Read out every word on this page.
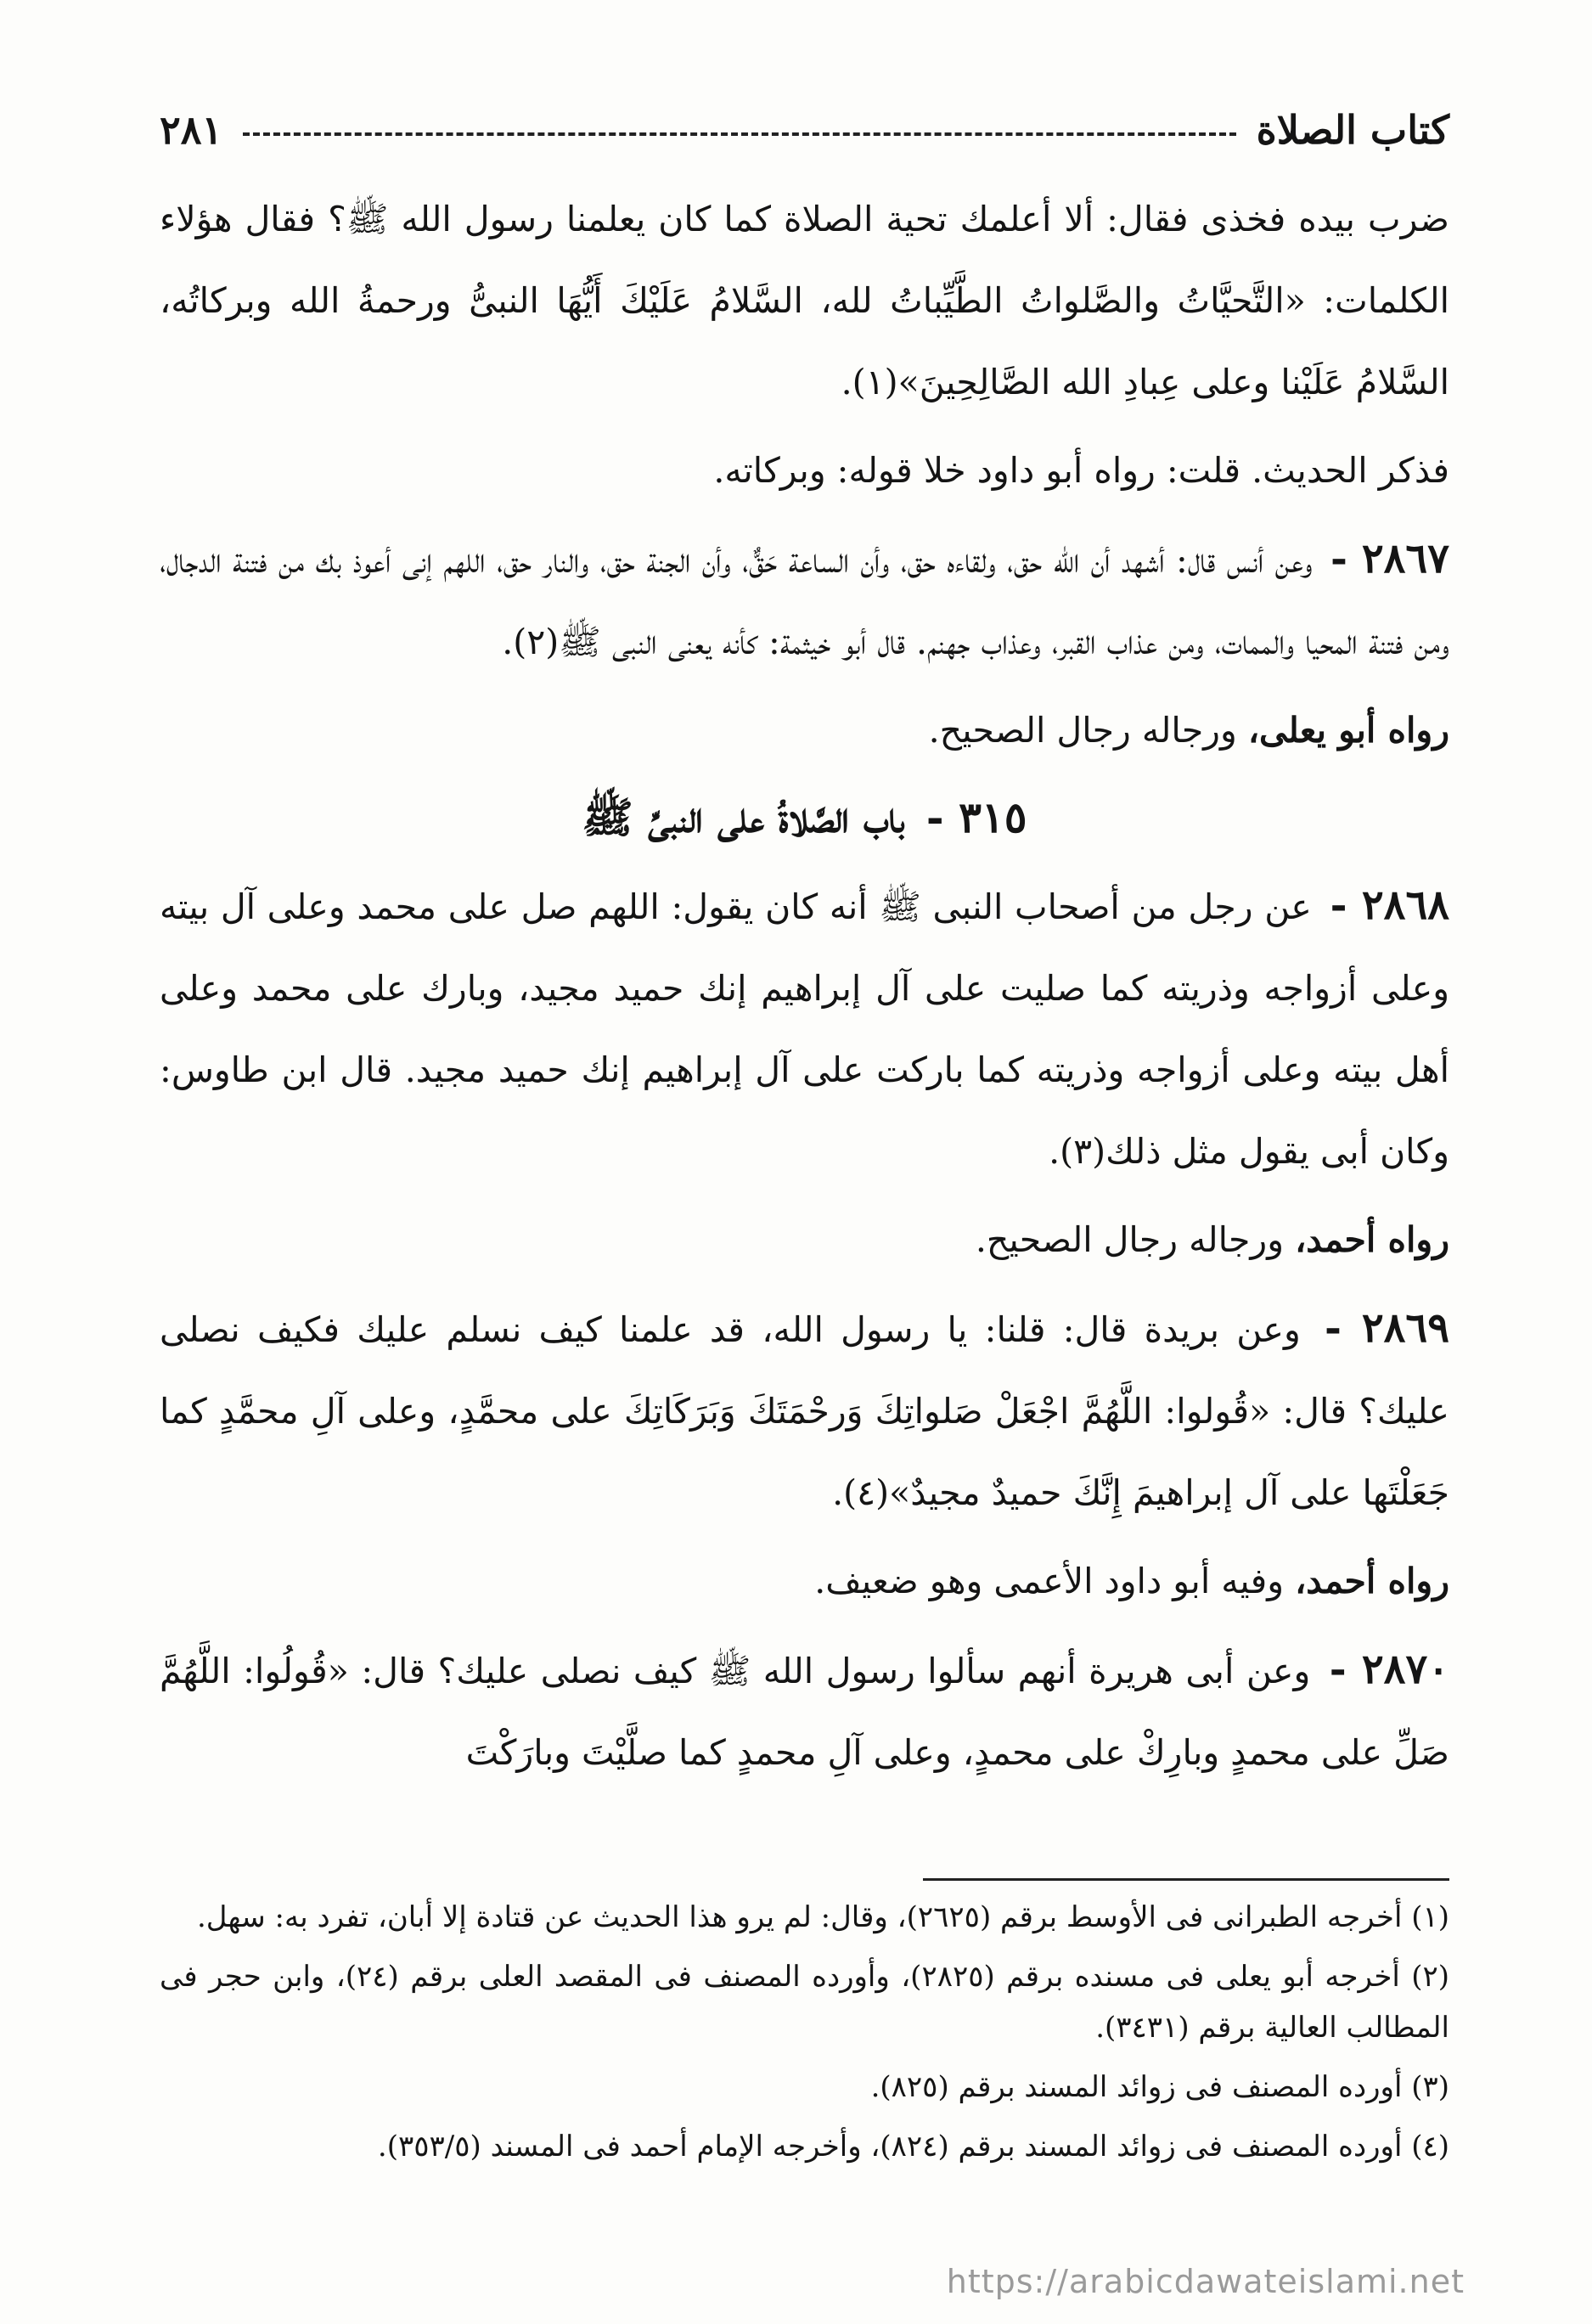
كتاب الصلاة
٢٨١

ضرب بيده فخذى فقال: ألا أعلمك تحية الصلاة كما كان يعلمنا رسول الله ﷺ؟ فقال هؤلاء الكلمات: «التَّحيَّاتُ والصَّلواتُ الطَّيِّباتُ لله، السَّلامُ عَلَيْكَ أَيُّهَا النبىُّ ورحمةُ الله وبركاتُه، السَّلامُ عَلَيْنا وعلى عِبادِ الله الصَّالِحِينَ»(١).

فذكر الحديث. قلت: رواه أبو داود خلا قوله: وبركاته.

٢٨٦٧ - وعن أنس قال: أشهد أن الله حق، ولقاءه حق، وأن الساعة حَقٌّ، وأن الجنة حق، والنار حق، اللهم إنى أعوذ بك من فتنة الدجال، ومن فتنة المحيا والممات، ومن عذاب القبر، وعذاب جهنم. قال أبو خيثمة: كأنه يعنى النبى ﷺ(٢).

رواه أبو يعلى، ورجاله رجال الصحيح.

٣١٥ - باب الصَّلاةُ على النبىِّ ﷺ

٢٨٦٨ - عن رجل من أصحاب النبى ﷺ أنه كان يقول: اللهم صل على محمد وعلى آل بيته وعلى أزواجه وذريته كما صليت على آل إبراهيم إنك حميد مجيد، وبارك على محمد وعلى أهل بيته وعلى أزواجه وذريته كما باركت على آل إبراهيم إنك حميد مجيد. قال ابن طاوس: وكان أبى يقول مثل ذلك(٣).

رواه أحمد، ورجاله رجال الصحيح.

٢٨٦٩ - وعن بريدة قال: قلنا: يا رسول الله، قد علمنا كيف نسلم عليك فكيف نصلى عليك؟ قال: «قُولوا: اللَّهُمَّ اجْعَلْ صَلواتِكَ وَرحْمَتَكَ وَبَرَكَاتِكَ على محمَّدٍ، وعلى آلِ محمَّدٍ كما جَعَلْتَها على آل إبراهيمَ إِنَّكَ حميدٌ مجيدٌ»(٤).

رواه أحمد، وفيه أبو داود الأعمى وهو ضعيف.

٢٨٧٠ - وعن أبى هريرة أنهم سألوا رسول الله ﷺ كيف نصلى عليك؟ قال: «قُولُوا: اللَّهُمَّ صَلِّ على محمدٍ وبارِكْ على محمدٍ، وعلى آلِ محمدٍ كما صلَّيْتَ وبارَكْتَ

(١) أخرجه الطبرانى فى الأوسط برقم (٢٦٢٥)، وقال: لم يرو هذا الحديث عن قتادة إلا أبان، تفرد به: سهل.

(٢) أخرجه أبو يعلى فى مسنده برقم (٢٨٢٥)، وأورده المصنف فى المقصد العلى برقم (٢٤)، وابن حجر فى المطالب العالية برقم (٣٤٣١).

(٣) أورده المصنف فى زوائد المسند برقم (٨٢٥).

(٤) أورده المصنف فى زوائد المسند برقم (٨٢٤)، وأخرجه الإمام أحمد فى المسند (٣٥٣/٥).

https://arabicdawateislami.net
